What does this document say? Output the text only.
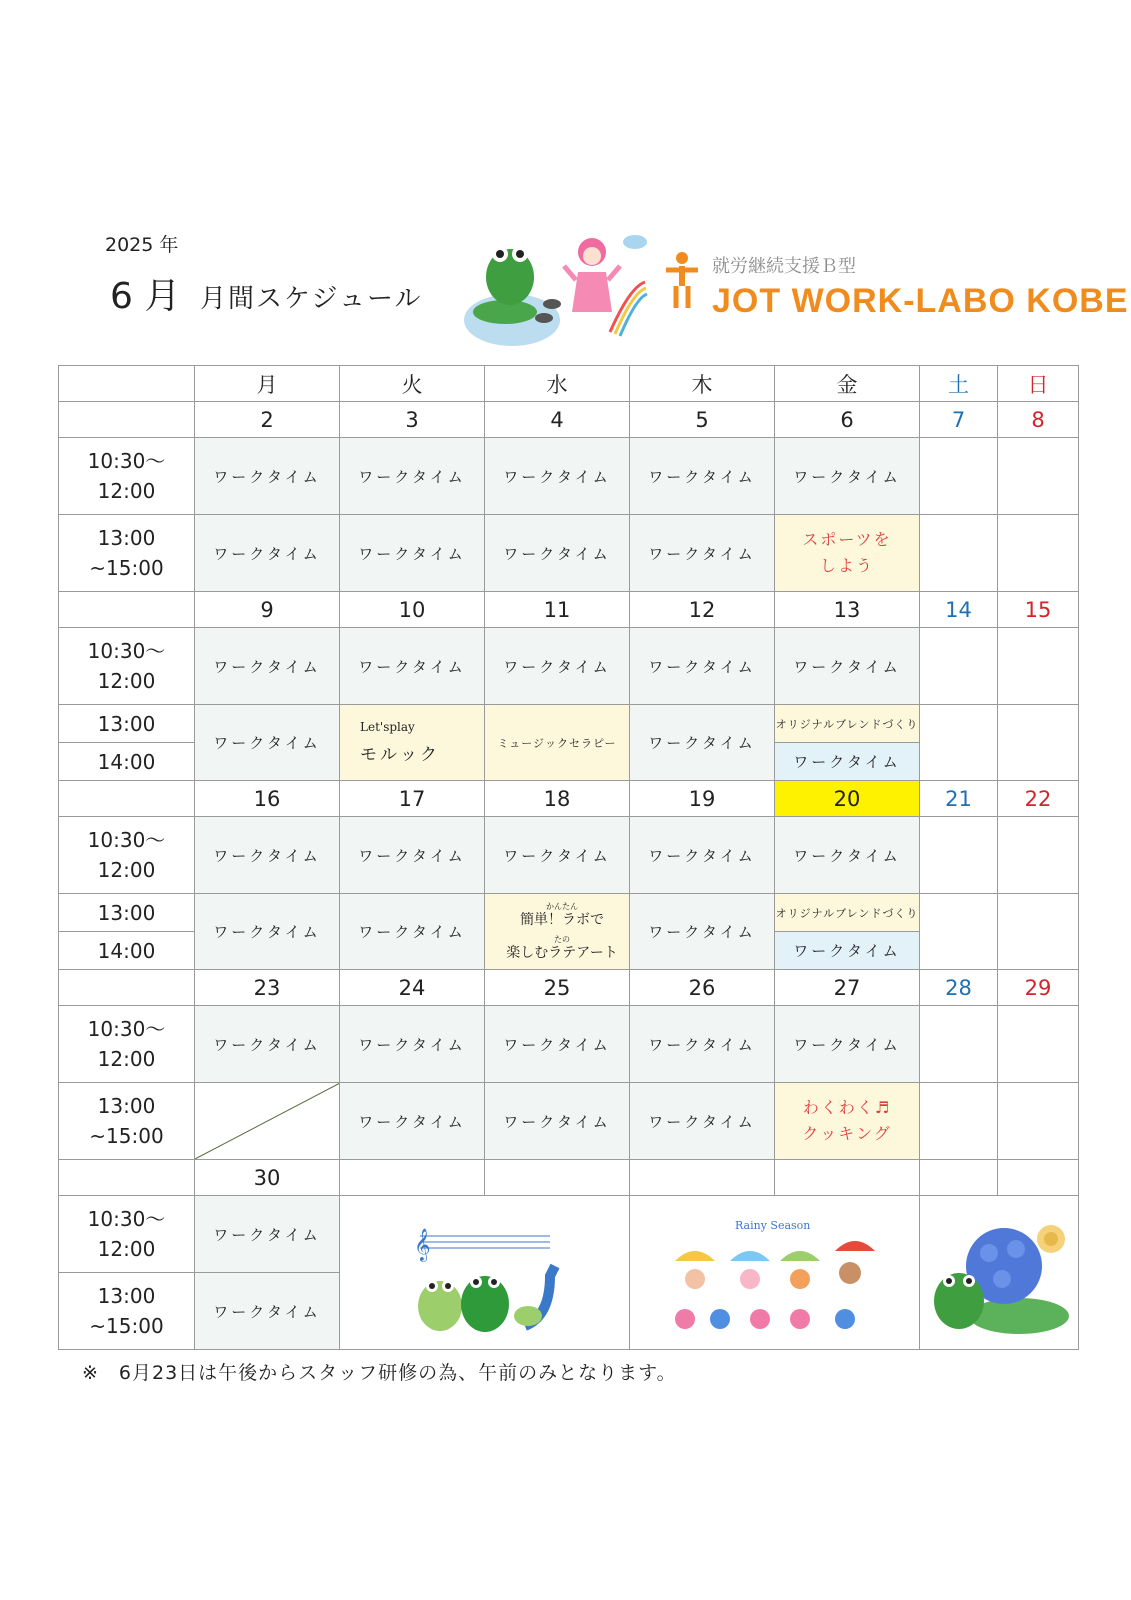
2025 年
6 月 月間スケジュール
就労継続支援Ｂ型
JOT WORK-LABO KOBE
	月	火	水	木	金	土	日
	2	3	4	5	6	7	8
10:30～
12:00	ワークタイム	ワークタイム	ワークタイム	ワークタイム	ワークタイム		
13:00
~15:00	ワークタイム	ワークタイム	ワークタイム	ワークタイム	スポーツを
しよう		
	9	10	11	12	13	14	15
10:30～
12:00	ワークタイム	ワークタイム	ワークタイム	ワークタイム	ワークタイム		
13:00	ワークタイム	Let'splay
モルック	ミュージックセラピー	ワークタイム	オリジナルブレンドづくり		
14:00					ワークタイム		
	16	17	18	19	20	21	22
10:30～
12:00	ワークタイム	ワークタイム	ワークタイム	ワークタイム	ワークタイム		
13:00	ワークタイム	ワークタイム	かんたん
簡単！ラボで
たの
楽しむラテアート	ワークタイム	オリジナルブレンドづくり		
14:00					ワークタイム		
	23	24	25	26	27	28	29
10:30～
12:00	ワークタイム	ワークタイム	ワークタイム	ワークタイム	ワークタイム		
13:00
~15:00		ワークタイム	ワークタイム	ワークタイム	わくわく♬
クッキング		
	30						
10:30～
12:00	ワークタイム	𝄞		Rainy Season

13:00
~15:00	ワークタイム						
※　6月23日は午後からスタッフ研修の為、午前のみとなります。
